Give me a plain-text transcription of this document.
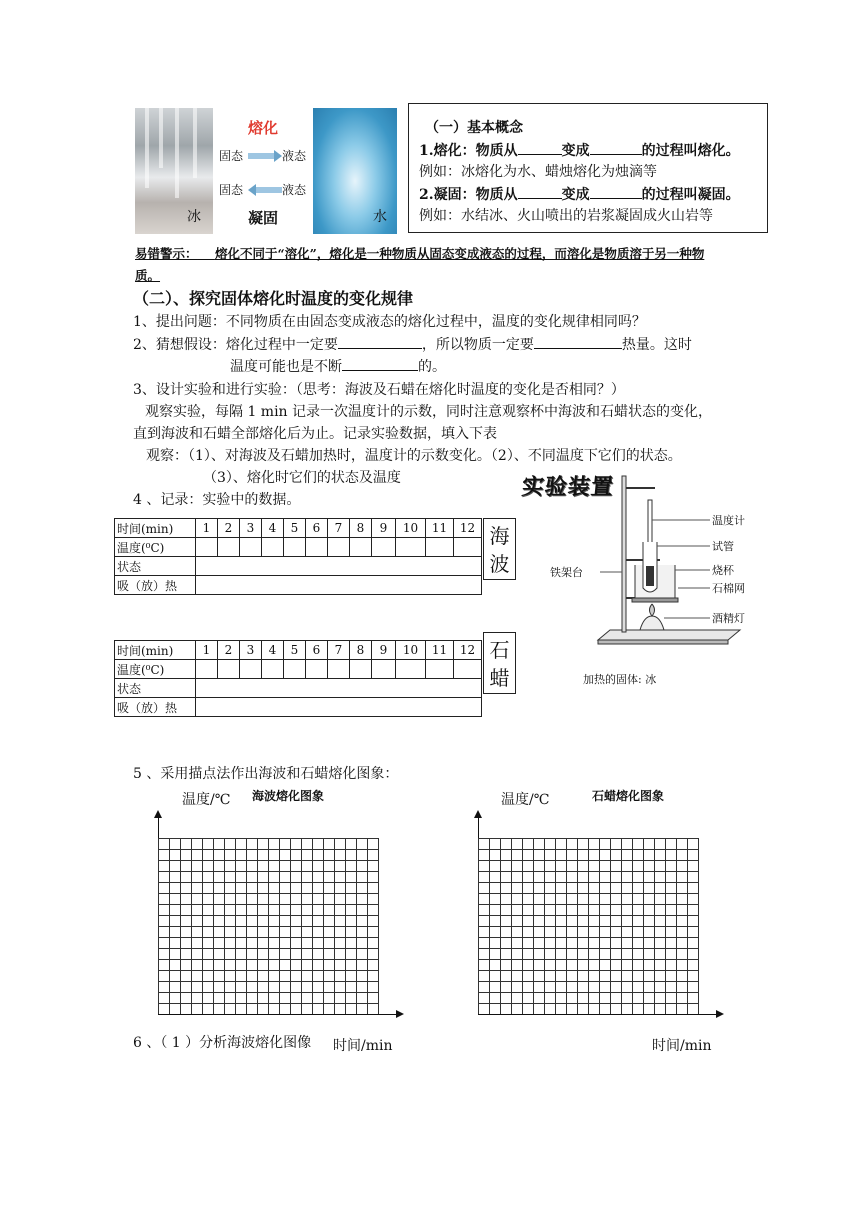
冰
熔化
固态	液态
固态	液态
凝固	水
（一）基本概念
1.熔化：物质从	变成	的过程叫熔化。
例如：冰熔化为水、蜡烛熔化为烛滴等
2.凝固：物质从	变成	的过程叫凝固。
例如：水结冰、火山喷出的岩浆凝固成火山岩等
易错警示： 熔化不同于“溶化”，熔化是一种物质从固态变成液态的过程，而溶化是物质溶于另一种物
质。
（二）、探究固体熔化时温度的变化规律
1、提出问题：不同物质在由固态变成液态的熔化过程中，温度的变化规律相同吗？
2、猜想假设：熔化过程中一定要	，所以物质一定要	热量。这时
温度可能也是不断	的。
3、设计实验和进行实验：（思考：海波及石蜡在熔化时温度的变化是否相同？）
观察实验，每隔 1 min 记录一次温度计的示数，同时注意观察杯中海波和石蜡状态的变化，
直到海波和石蜡全部熔化后为止。记录实验数据，填入下表
观察：（1）、对海波及石蜡加热时，温度计的示数变化。（2）、不同温度下它们的状态。
（3）、熔化时它们的状态及温度
4 、记录：实验中的数据。
时间(min)	1	2	3	4	5	6	7	8	9	10	11	12
温度(⁰C)												
状态												
吸（放）热												
海
波
时间(min)	1	2	3	4	5	6	7	8	9	10	11	12
温度(⁰C)												
状态												
吸（放）热												
石
蜡
实验装置
温度计
试管
铁架台	烧杯
石棉网
酒精灯
加热的固体: 冰
5 、采用描点法作出海波和石蜡熔化图象：
温度/℃ 海波熔化图象
时间/min
温度/℃	石蜡熔化图象
时间/min
6 、（ 1 ）分析海波熔化图像
